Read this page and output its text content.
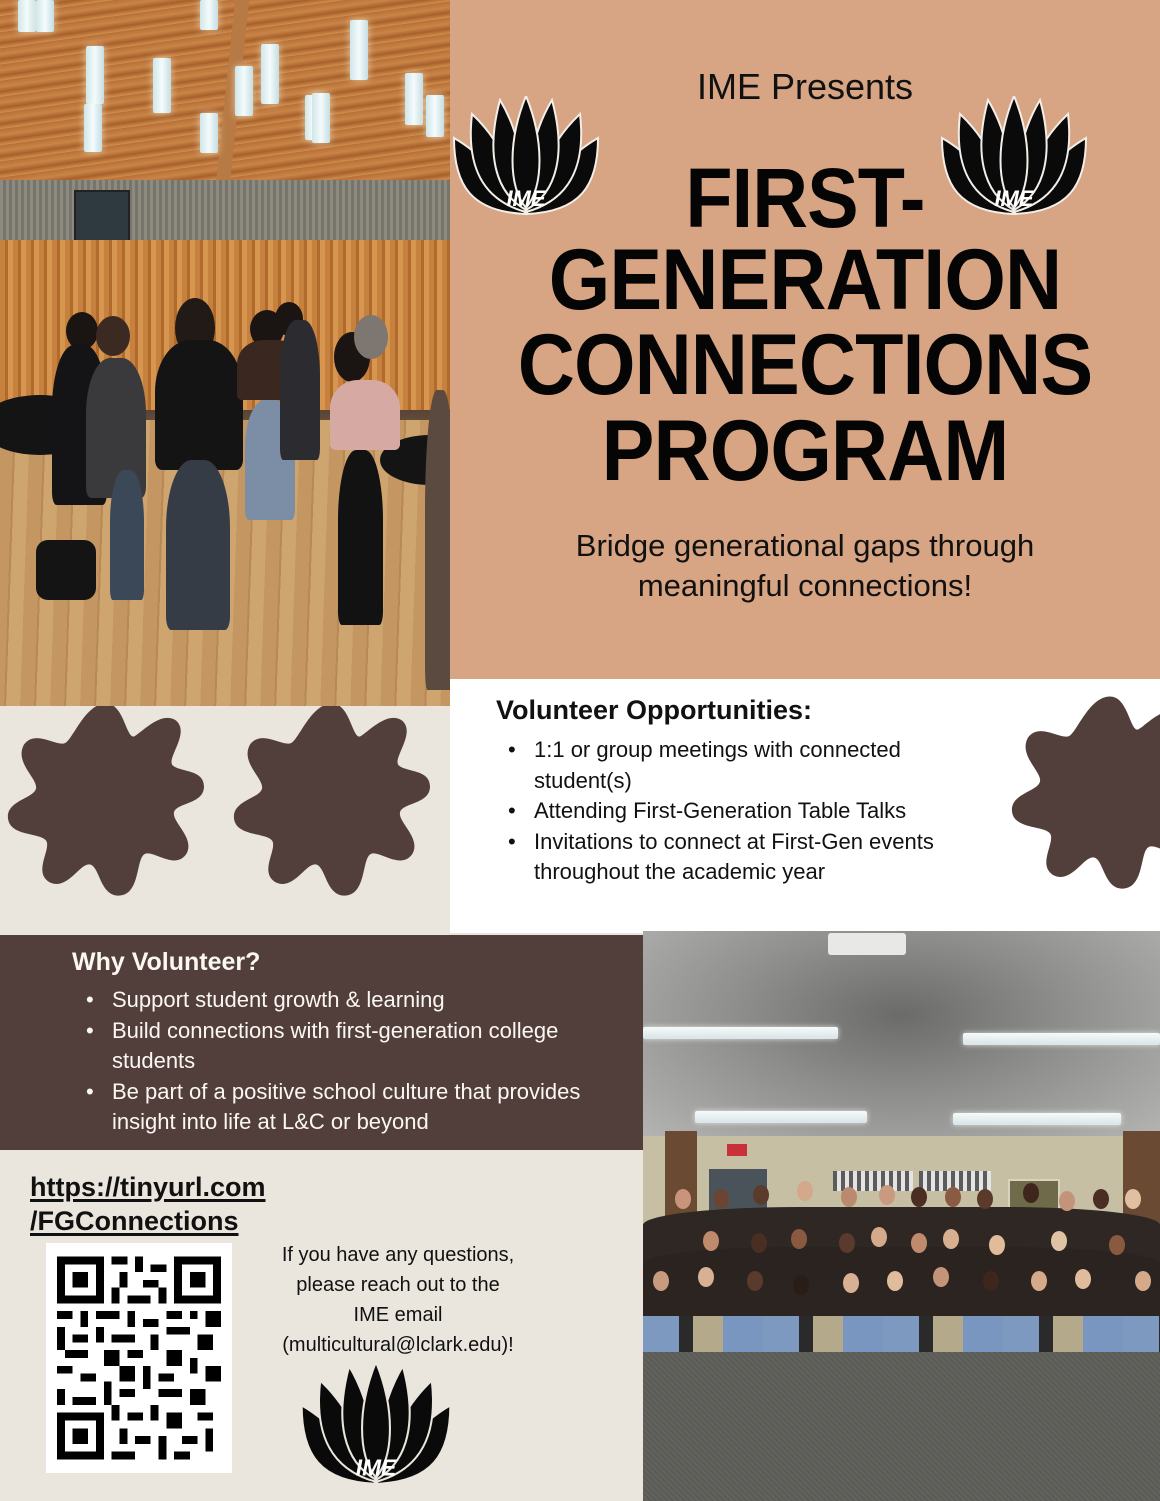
IME Presents
IME	IME
FIRST-
GENERATION
CONNECTIONS
PROGRAM
Bridge generational gaps through
meaningful connections!
Volunteer Opportunities:
• 1:1 or group meetings with connected student(s)
• Attending First-Generation Table Talks
• Invitations to connect at First-Gen events throughout the academic year
Why Volunteer?
• Support student growth & learning
• Build connections with first-generation college students
• Be part of a positive school culture that provides insight into life at L&C or beyond
https://tinyurl.com
/FGConnections
If you have any questions,
please reach out to the
IME email
(multicultural@lclark.edu)!
IME
